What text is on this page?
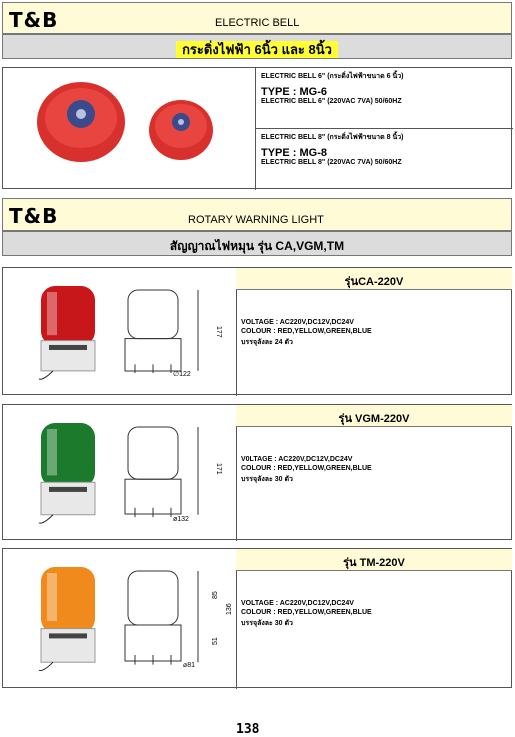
T&B	ELECTRIC BELL
กระดิ่งไฟฟ้า 6นิ้ว และ 8นิ้ว
ELECTRIC BELL 6" (กระดิ่งไฟฟ้าขนาด 6 นิ้ว)
TYPE : MG-6
ELECTRIC BELL 6" (220VAC 7VA) 50/60HZ
ELECTRIC BELL 8" (กระดิ่งไฟฟ้าขนาด 8 นิ้ว)
TYPE : MG-8
ELECTRIC BELL 8" (220VAC 7VA) 50/60HZ
T&B	ROTARY WARNING LIGHT
สัญญาณไฟหมุน รุ่น CA,VGM,TM
∅122
177
รุ่นCA-220V
VOLTAGE : AC220V,DC12V,DC24V
COLOUR : RED,YELLOW,GREEN,BLUE
บรรจุลังละ 24 ตัว
ø132
171
รุ่น VGM-220V
V0LTAGE : AC220V,DC12V,DC24V
COLOUR : RED,YELLOW,GREEN,BLUE
บรรจุลังละ 30 ตัว
85
136
51
⌀81
รุ่น TM-220V
VOLTAGE : AC220V,DC12V,DC24V
COLOUR : RED,YELLOW,GREEN,BLUE
บรรจุลังละ 30 ตัว
138
